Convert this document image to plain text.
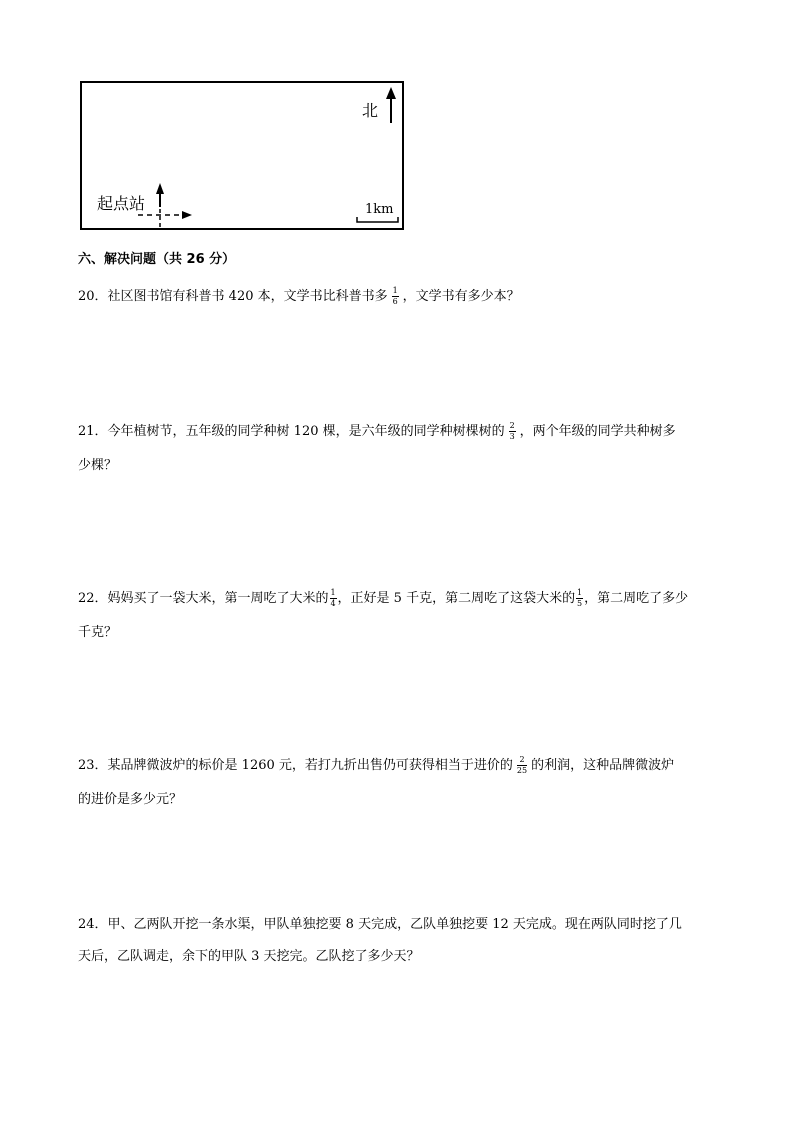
北
起点站	1km
六、解决问题（共 26 分）
20．社区图书馆有科普书 420 本，文学书比科普书多 $\frac{1}{6}$ ，文学书有多少本？
21．今年植树节，五年级的同学种树 120 棵，是六年级的同学种树棵树的 $\frac{2}{3}$ ，两个年级的同学共种树多
少棵？
22．妈妈买了一袋大米，第一周吃了大米的 $\frac{1}{4}$ ，正好是 5 千克，第二周吃了这袋大米的 $\frac{1}{5}$ ，第二周吃了多少
千克？
23．某品牌微波炉的标价是 1260 元，若打九折出售仍可获得相当于进价的 $\frac{2}{25}$ 的利润，这种品牌微波炉
的进价是多少元？
24．甲、乙两队开挖一条水渠，甲队单独挖要 8 天完成，乙队单独挖要 12 天完成。现在两队同时挖了几
天后，乙队调走，余下的甲队 3 天挖完。乙队挖了多少天？
